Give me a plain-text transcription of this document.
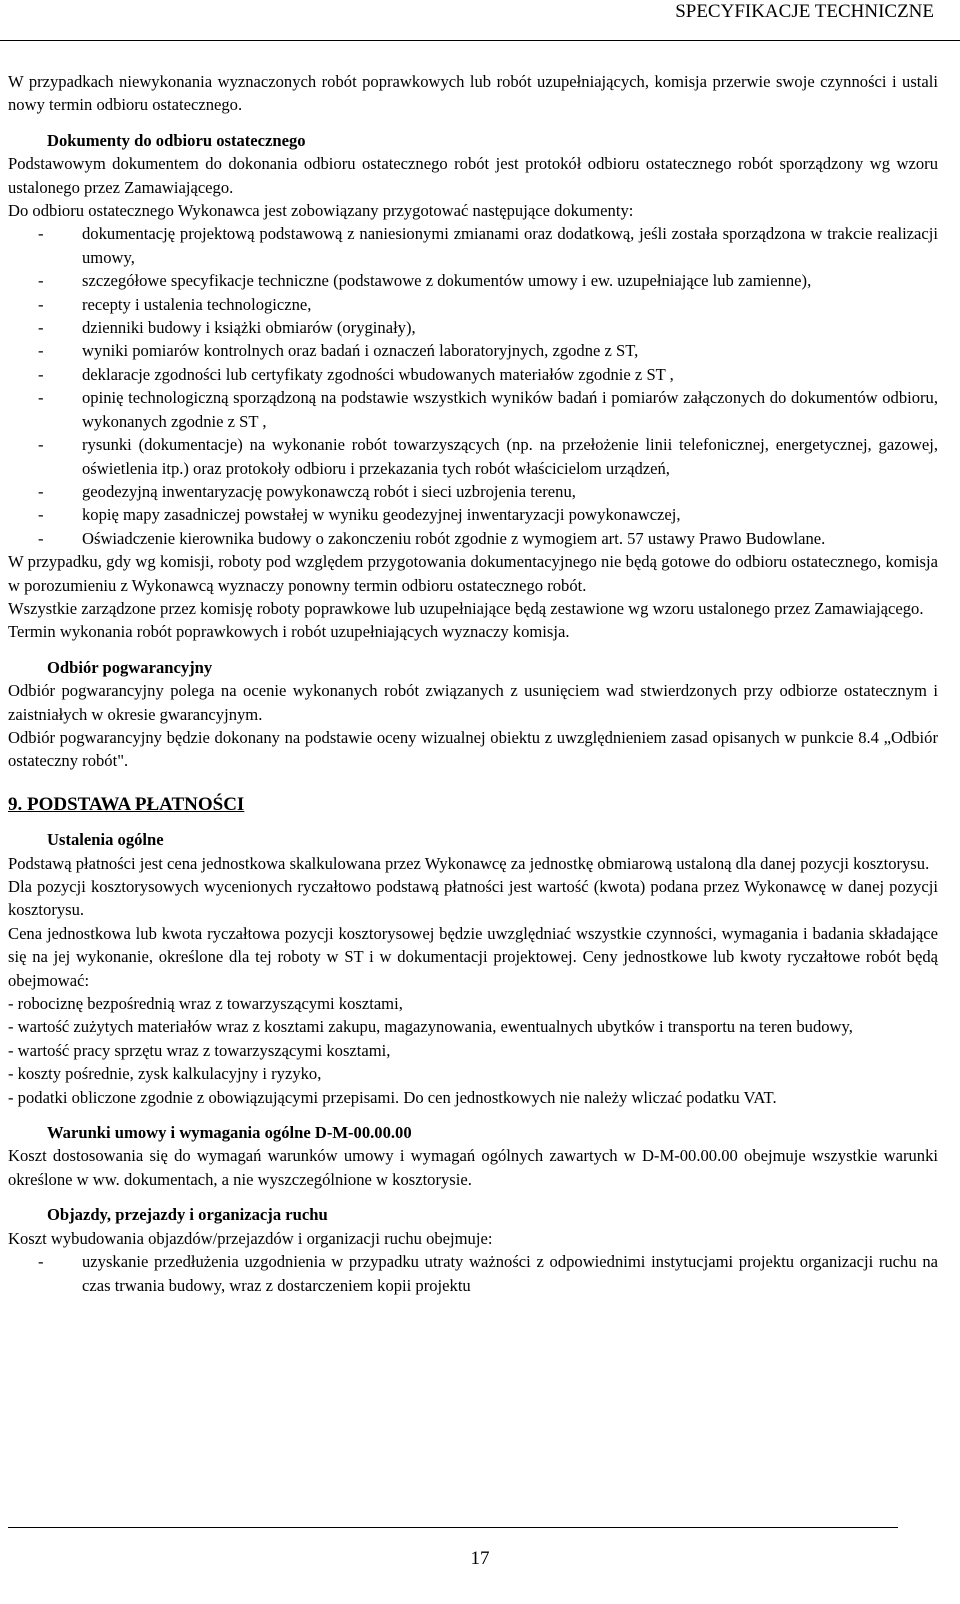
SPECYFIKACJE TECHNICZNE

W przypadkach niewykonania wyznaczonych robót poprawkowych lub robót uzupełniających, komisja przerwie swoje czynności i ustali nowy termin odbioru ostatecznego.

Dokumenty do odbioru ostatecznego

Podstawowym dokumentem do dokonania odbioru ostatecznego robót jest protokół odbioru ostatecznego robót sporządzony wg wzoru ustalonego przez Zamawiającego.

Do odbioru ostatecznego Wykonawca jest zobowiązany przygotować następujące dokumenty:

- dokumentację projektową podstawową z naniesionymi zmianami oraz dodatkową, jeśli została sporządzona w trakcie realizacji umowy,
- szczegółowe specyfikacje techniczne (podstawowe z dokumentów umowy i ew. uzupełniające lub zamienne),
- recepty i ustalenia technologiczne,
- dzienniki budowy i książki obmiarów (oryginały),
- wyniki pomiarów kontrolnych oraz badań i oznaczeń laboratoryjnych, zgodne z ST,
- deklaracje zgodności lub certyfikaty zgodności wbudowanych materiałów zgodnie z ST ,
- opinię technologiczną sporządzoną na podstawie wszystkich wyników badań i pomiarów załączonych do dokumentów odbioru, wykonanych zgodnie z ST ,
- rysunki (dokumentacje) na wykonanie robót towarzyszących (np. na przełożenie linii telefonicznej, energetycznej, gazowej, oświetlenia itp.) oraz protokoły odbioru i przekazania tych robót właścicielom urządzeń,
- geodezyjną inwentaryzację powykonawczą robót i sieci uzbrojenia terenu,
- kopię mapy zasadniczej powstałej w wyniku geodezyjnej inwentaryzacji powykonawczej,
- Oświadczenie kierownika budowy o zakonczeniu robót zgodnie z wymogiem art. 57 ustawy Prawo Budowlane.

W przypadku, gdy wg komisji, roboty pod względem przygotowania dokumentacyjnego nie będą gotowe do odbioru ostatecznego, komisja w porozumieniu z Wykonawcą wyznaczy ponowny termin odbioru ostatecznego robót.

Wszystkie zarządzone przez komisję roboty poprawkowe lub uzupełniające będą zestawione wg wzoru ustalonego przez Zamawiającego.

Termin wykonania robót poprawkowych i robót uzupełniających wyznaczy komisja.

Odbiór pogwarancyjny

Odbiór pogwarancyjny polega na ocenie wykonanych robót związanych z usunięciem wad stwierdzonych przy odbiorze ostatecznym i zaistniałych w okresie gwarancyjnym.

Odbiór pogwarancyjny będzie dokonany na podstawie oceny wizualnej obiektu z uwzględnieniem zasad opisanych w punkcie 8.4 „Odbiór ostateczny robót".

9. PODSTAWA PŁATNOŚCI

Ustalenia ogólne

Podstawą płatności jest cena jednostkowa skalkulowana przez Wykonawcę za jednostkę obmiarową ustaloną dla danej pozycji kosztorysu.

Dla pozycji kosztorysowych wycenionych ryczałtowo podstawą płatności jest wartość (kwota) podana przez Wykonawcę w danej pozycji kosztorysu.

Cena jednostkowa lub kwota ryczałtowa pozycji kosztorysowej będzie uwzględniać wszystkie czynności, wymagania i badania składające się na jej wykonanie, określone dla tej roboty w ST i w dokumentacji projektowej. Ceny jednostkowe lub kwoty ryczałtowe robót będą obejmować:

- robociznę bezpośrednią wraz z towarzyszącymi kosztami,

- wartość zużytych materiałów wraz z kosztami zakupu, magazynowania, ewentualnych ubytków i transportu na teren budowy,

- wartość pracy sprzętu wraz z towarzyszącymi kosztami,

- koszty pośrednie, zysk kalkulacyjny i ryzyko,

- podatki obliczone zgodnie z obowiązującymi przepisami. Do cen jednostkowych nie należy wliczać podatku VAT.

Warunki umowy i wymagania ogólne D-M-00.00.00

Koszt dostosowania się do wymagań warunków umowy i wymagań ogólnych zawartych w D-M-00.00.00 obejmuje wszystkie warunki określone w ww. dokumentach, a nie wyszczególnione w kosztorysie.

Objazdy, przejazdy i organizacja ruchu

Koszt wybudowania objazdów/przejazdów i organizacji ruchu obejmuje:

- uzyskanie przedłużenia uzgodnienia w przypadku utraty ważności z odpowiednimi instytucjami projektu organizacji ruchu na czas trwania budowy, wraz z dostarczeniem kopii projektu
17
